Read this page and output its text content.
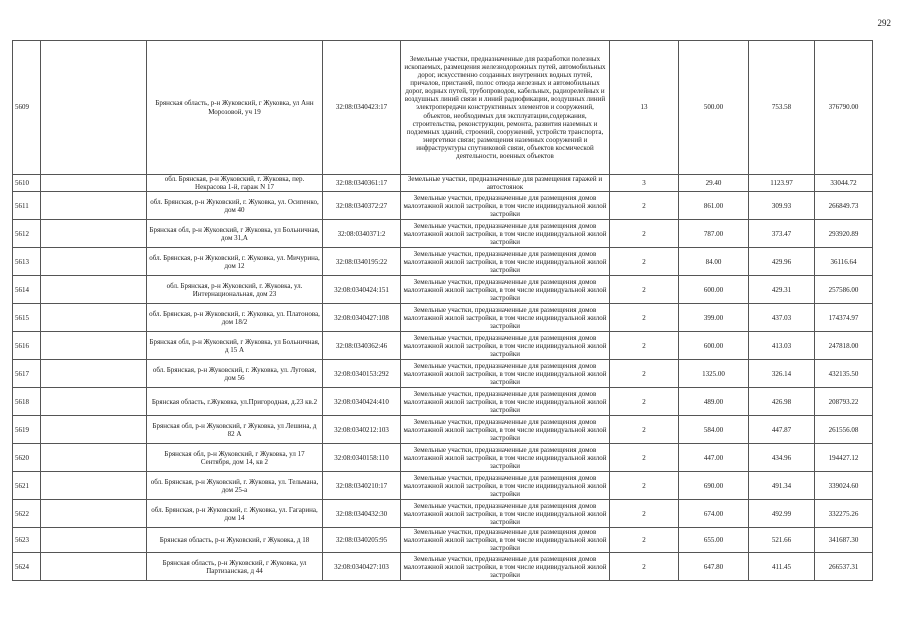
292
5609		Брянская область, р-н Жуковский, г Жуковка, ул Анн Морозовой, уч 19	32:08:0340423:17	Земельные участки, предназначенные для разработки полезных ископаемых, размещения железнодорожных путей, автомобильных дорог, искусственно созданных внутренних водных путей, причалов, пристаней, полос отвода железных и автомобильных дорог, водных путей, трубопроводов, кабельных, радиорелейных и воздушных линий связи и линий радиофикации, воздушных линий электропередачи конструктивных элементов и сооружений, объектов, необходимых для эксплуатации,содержания, строительства, реконструкции, ремонта, развития наземных и подземных зданий, строений, сооружений, устройств транспорта, энергетики связи; размещения наземных сооружений и инфраструктуры спутниковой связи, объектов космической деятельности, военных объектов	13	500.00	753.58	376790.00
5610		обл. Брянская, р-н Жуковский, г. Жуковка, пер. Некрасова 1-й, гараж N 17	32:08:0340361:17	Земельные участки, предназначенные для размещения гаражей и автостоянок	3	29.40	1123.97	33044.72
5611		обл. Брянская, р-н Жуковский, г. Жуковка, ул. Осипенко, дом 40	32:08:0340372:27	Земельные участки, предназначенные для размещения домов малоэтажной жилой застройки, в том числе индивидуальной жилой застройки	2	861.00	309.93	266849.73
5612		Брянская обл, р-н Жуковский, г Жуковка, ул Больничная, дом 31,А	32:08:0340371:2	Земельные участки, предназначенные для размещения домов малоэтажной жилой застройки, в том числе индивидуальной жилой застройки	2	787.00	373.47	293920.89
5613		обл. Брянская, р-н Жуковский, г. Жуковка, ул. Мичурина, дом 12	32:08:0340195:22	Земельные участки, предназначенные для размещения домов малоэтажной жилой застройки, в том числе индивидуальной жилой застройки	2	84.00	429.96	36116.64
5614		обл. Брянская, р-н Жуковский, г. Жуковка, ул. Интернациональная, дом 23	32:08:0340424:151	Земельные участки, предназначенные для размещения домов малоэтажной жилой застройки, в том числе индивидуальной жилой застройки	2	600.00	429.31	257586.00
5615		обл. Брянская, р-н Жуковский, г. Жуковка, ул. Платонова, дом 18/2	32:08:0340427:108	Земельные участки, предназначенные для размещения домов малоэтажной жилой застройки, в том числе индивидуальной жилой застройки	2	399.00	437.03	174374.97
5616		Брянская обл, р-н Жуковский, г Жуковка, ул Больничная, д 15 А	32:08:0340362:46	Земельные участки, предназначенные для размещения домов малоэтажной жилой застройки, в том числе индивидуальной жилой застройки	2	600.00	413.03	247818.00
5617		обл. Брянская, р-н Жуковский, г. Жуковка, ул. Луговая, дом 56	32:08:0340153:292	Земельные участки, предназначенные для размещения домов малоэтажной жилой застройки, в том числе индивидуальной жилой застройки	2	1325.00	326.14	432135.50
5618		Брянская область, г.Жуковка, ул.Пригородная, д.23 кв.2	32:08:0340424:410	Земельные участки, предназначенные для размещения домов малоэтажной жилой застройки, в том числе индивидуальной жилой застройки	2	489.00	426.98	208793.22
5619		Брянская обл, р-н Жуковский, г Жуковка, ул Лешина, д 82 А	32:08:0340212:103	Земельные участки, предназначенные для размещения домов малоэтажной жилой застройки, в том числе индивидуальной жилой застройки	2	584.00	447.87	261556.08
5620		Брянская обл, р-н Жуковский, г Жуковка, ул 17 Сентября, дом 14, кв 2	32:08:0340158:110	Земельные участки, предназначенные для размещения домов малоэтажной жилой застройки, в том числе индивидуальной жилой застройки	2	447.00	434.96	194427.12
5621		обл. Брянская, р-н Жуковский, г. Жуковка, ул. Тельмана, дом 25-а	32:08:0340210:17	Земельные участки, предназначенные для размещения домов малоэтажной жилой застройки, в том числе индивидуальной жилой застройки	2	690.00	491.34	339024.60
5622		обл. Брянская, р-н Жуковский, г. Жуковка, ул. Гагарина, дом 14	32:08:0340432:30	Земельные участки, предназначенные для размещения домов малоэтажной жилой застройки, в том числе индивидуальной жилой застройки	2	674.00	492.99	332275.26
5623		Брянская область, р-н Жуковский, г Жуковка, д 18	32:08:0340205:95	Земельные участки, предназначенные для размещения домов малоэтажной жилой застройки, в том числе индивидуальной жилой застройки	2	655.00	521.66	341687.30
5624		Брянская область, р-н Жуковский, г Жуковка, ул Партизанская, д 44	32:08:0340427:103	Земельные участки, предназначенные для размещения домов малоэтажной жилой застройки, в том числе индивидуальной жилой застройки	2	647.80	411.45	266537.31
